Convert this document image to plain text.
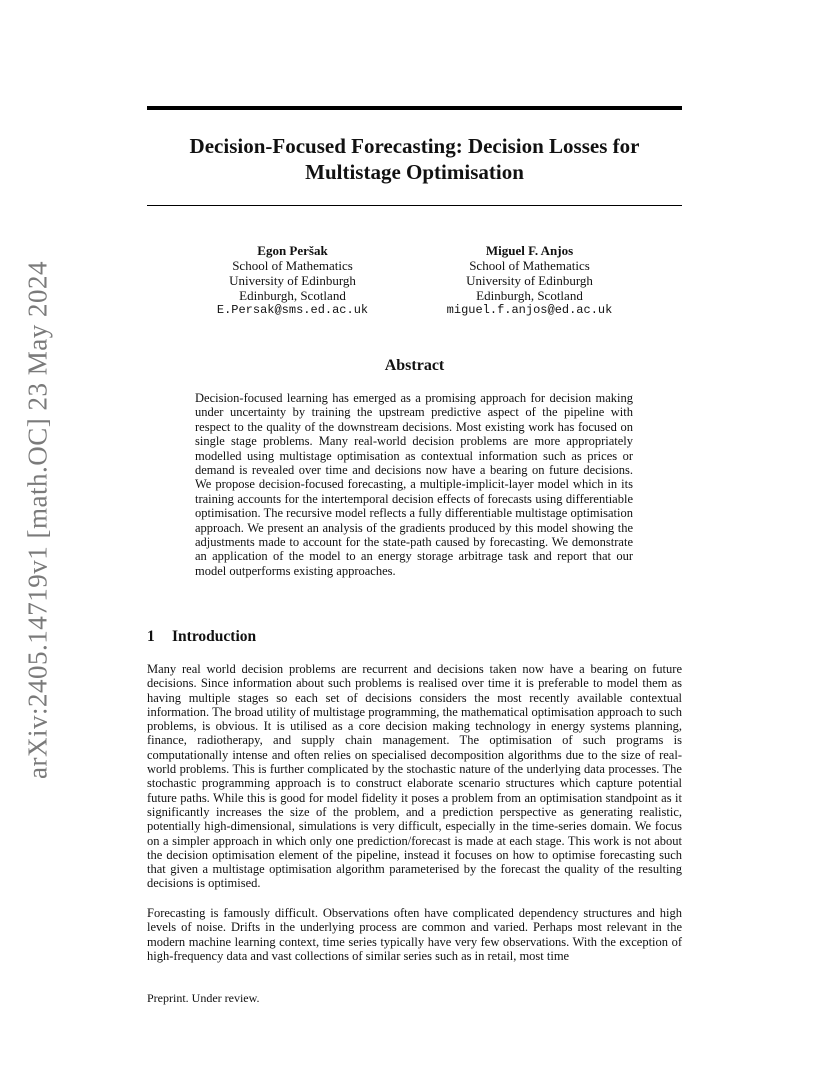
arXiv:2405.14719v1 [math.OC] 23 May 2024
Decision-Focused Forecasting: Decision Losses for
Multistage Optimisation
Egon Peršak
School of Mathematics
University of Edinburgh
Edinburgh, Scotland
E.Persak@sms.ed.ac.uk
Miguel F. Anjos
School of Mathematics
University of Edinburgh
Edinburgh, Scotland
miguel.f.anjos@ed.ac.uk
Abstract
Decision-focused learning has emerged as a promising approach for decision making under uncertainty by training the upstream predictive aspect of the pipeline with respect to the quality of the downstream decisions. Most existing work has focused on single stage problems. Many real-world decision problems are more appropriately modelled using multistage optimisation as contextual information such as prices or demand is revealed over time and decisions now have a bearing on future decisions. We propose decision-focused forecasting, a multiple-implicit-layer model which in its training accounts for the intertemporal decision effects of forecasts using differentiable optimisation. The recursive model reflects a fully differentiable multistage optimisation approach. We present an analysis of the gradients produced by this model showing the adjustments made to account for the state-path caused by forecasting. We demonstrate an application of the model to an energy storage arbitrage task and report that our model outperforms existing approaches.
1 Introduction

Many real world decision problems are recurrent and decisions taken now have a bearing on future decisions. Since information about such problems is realised over time it is preferable to model them as having multiple stages so each set of decisions considers the most recently available contextual information. The broad utility of multistage programming, the mathematical optimisation approach to such problems, is obvious. It is utilised as a core decision making technology in energy systems planning, finance, radiotherapy, and supply chain management. The optimisation of such programs is computationally intense and often relies on specialised decomposition algorithms due to the size of real-world problems. This is further complicated by the stochastic nature of the underlying data processes. The stochastic programming approach is to construct elaborate scenario structures which capture potential future paths. While this is good for model fidelity it poses a problem from an optimisation standpoint as it significantly increases the size of the problem, and a prediction perspective as generating realistic, potentially high-dimensional, simulations is very difficult, especially in the time-series domain. We focus on a simpler approach in which only one prediction/forecast is made at each stage. This work is not about the decision optimisation element of the pipeline, instead it focuses on how to optimise forecasting such that given a multistage optimisation algorithm parameterised by the forecast the quality of the resulting decisions is optimised.

Forecasting is famously difficult. Observations often have complicated dependency structures and high levels of noise. Drifts in the underlying process are common and varied. Perhaps most relevant in the modern machine learning context, time series typically have very few observations. With the exception of high-frequency data and vast collections of similar series such as in retail, most time

Preprint. Under review.
